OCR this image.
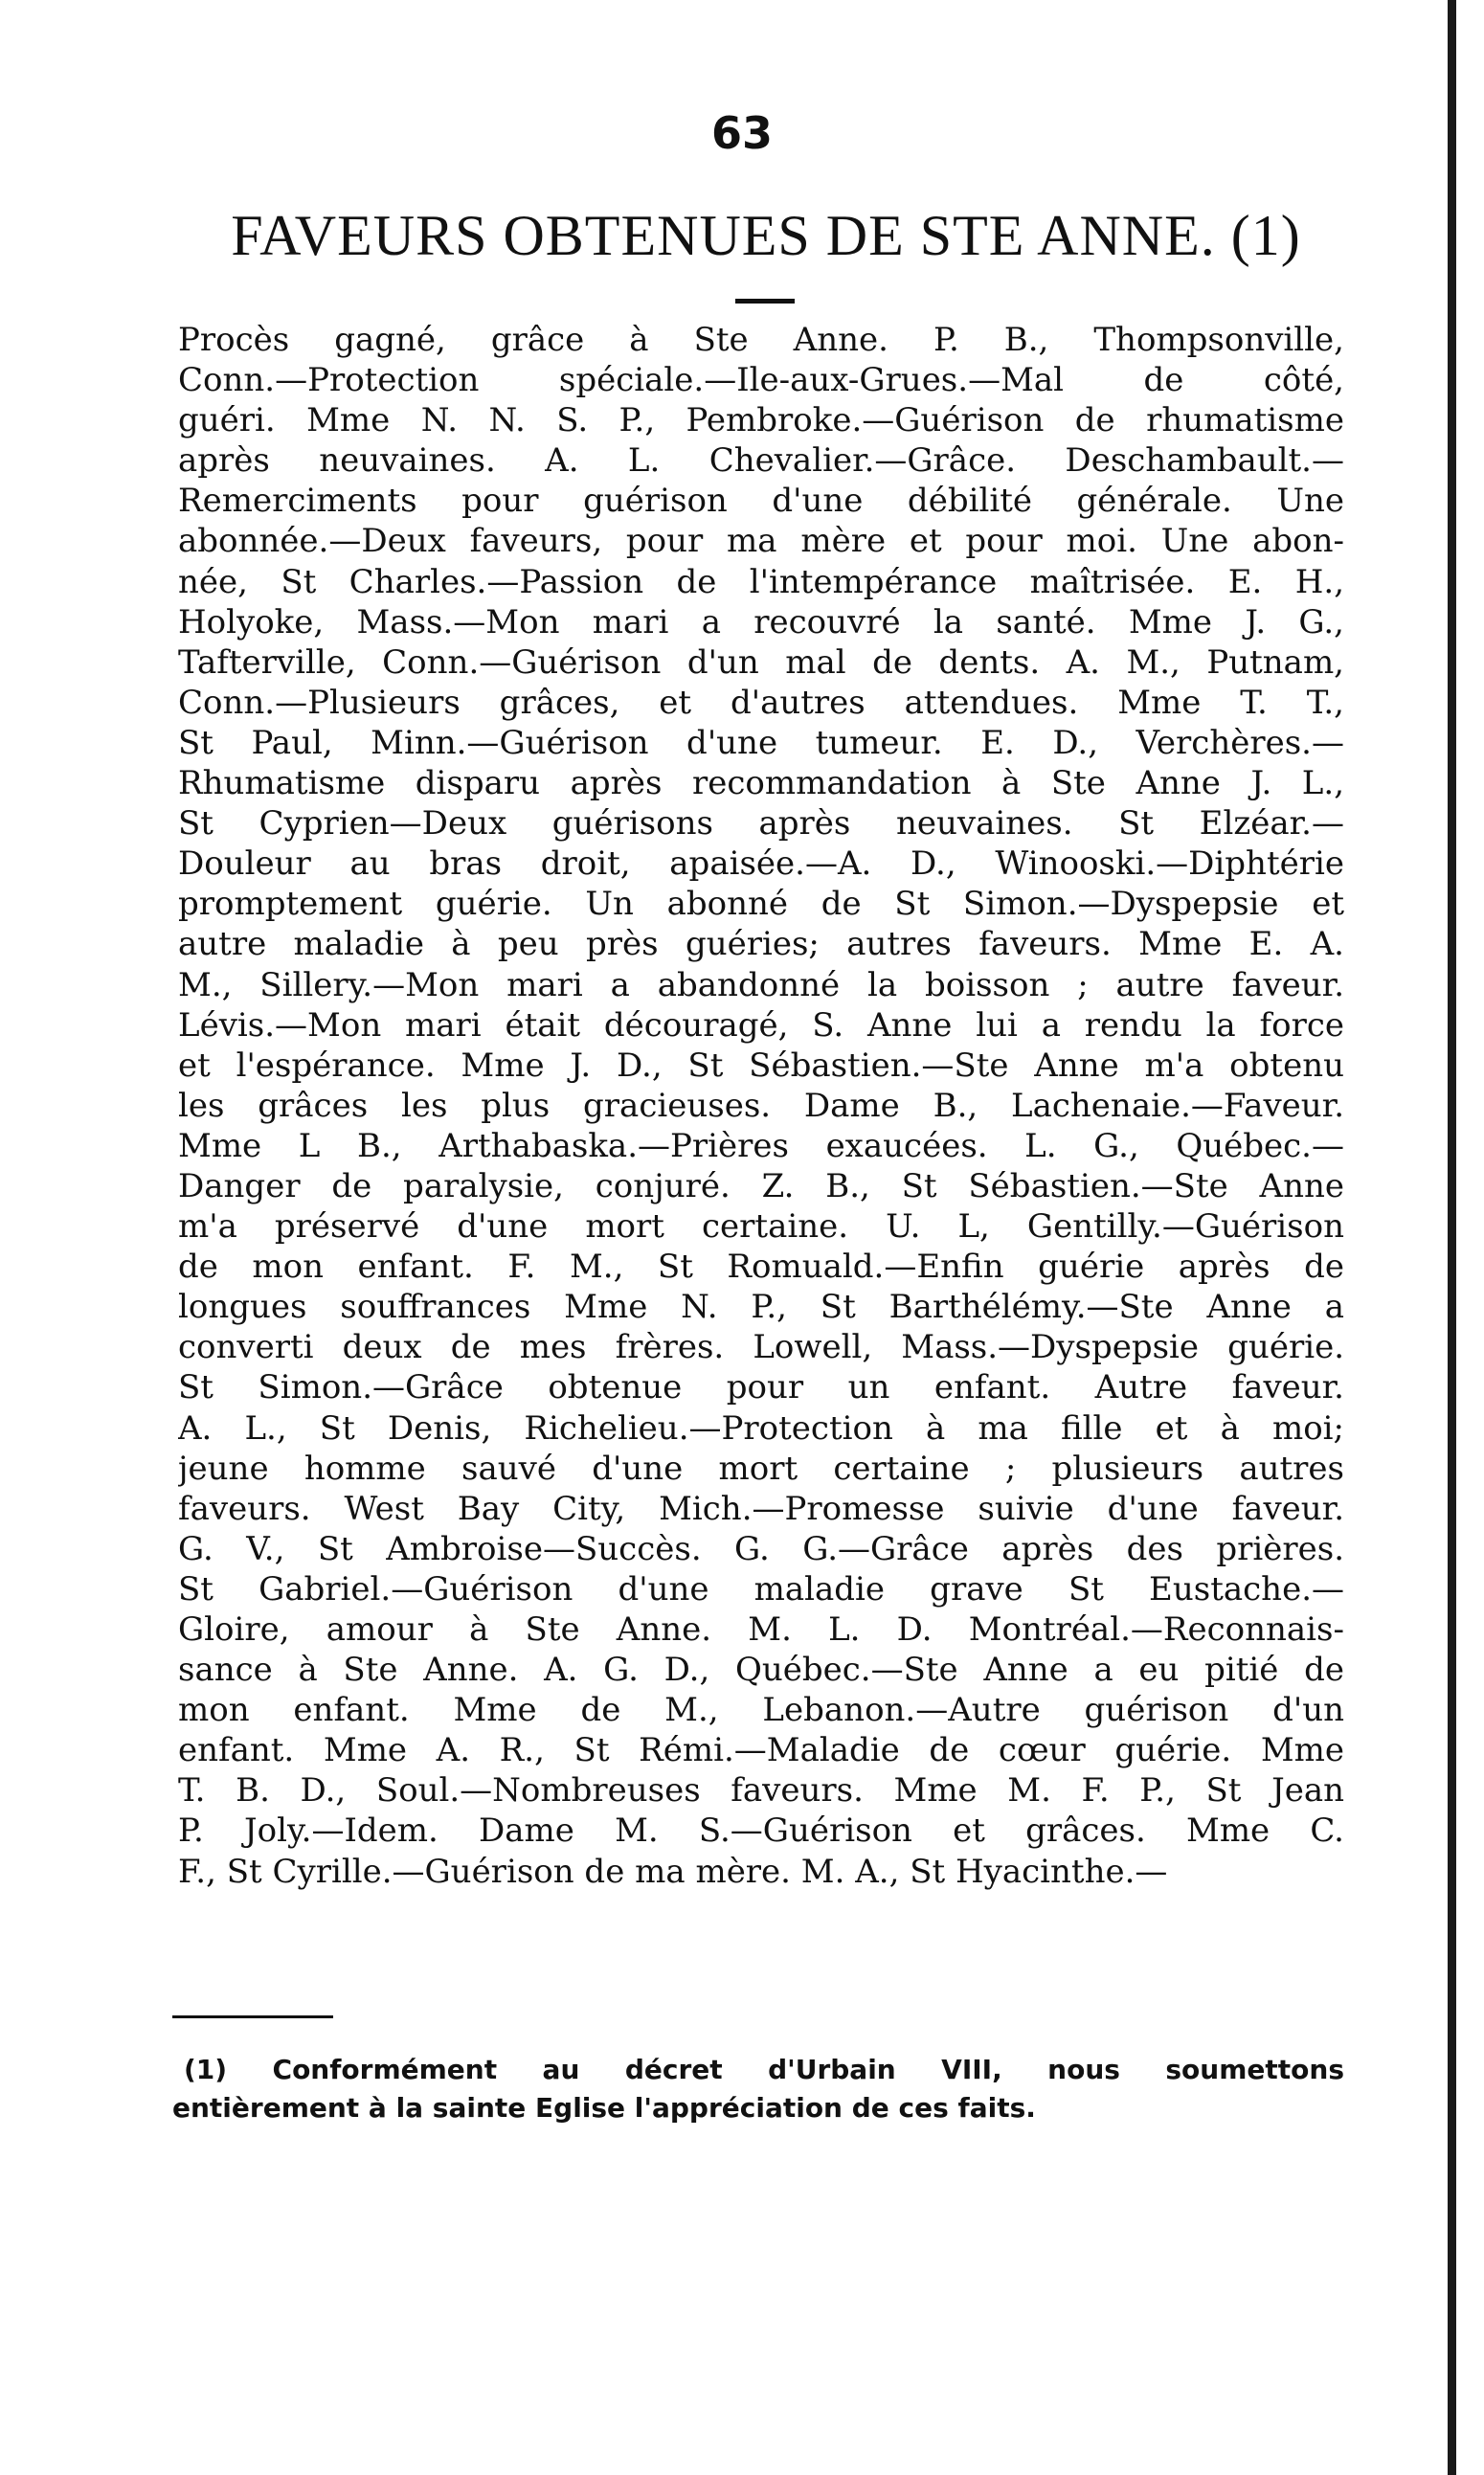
63
FAVEURS OBTENUES DE STE ANNE. (1)
Procès gagné, grâce à Ste Anne. P. B., Thompsonville,
Conn.—Protection spéciale.—Ile-aux-Grues.—Mal de côté,
guéri. Mme N. N. S. P., Pembroke.—Guérison de rhumatisme
après neuvaines. A. L. Chevalier.—Grâce. Deschambault.—
Remerciments pour guérison d'une débilité générale. Une
abonnée.—Deux faveurs, pour ma mère et pour moi. Une abon-
née, St Charles.—Passion de l'intempérance maîtrisée. E. H.,
Holyoke, Mass.—Mon mari a recouvré la santé. Mme J. G.,
Tafterville, Conn.—Guérison d'un mal de dents. A. M., Putnam,
Conn.—Plusieurs grâces, et d'autres attendues. Mme T. T.,
St Paul, Minn.—Guérison d'une tumeur. E. D., Verchères.—
Rhumatisme disparu après recommandation à Ste Anne J. L.,
St Cyprien—Deux guérisons après neuvaines. St Elzéar.—
Douleur au bras droit, apaisée.—A. D., Winooski.—Diphtérie
promptement guérie. Un abonné de St Simon.—Dyspepsie et
autre maladie à peu près guéries; autres faveurs. Mme E. A.
M., Sillery.—Mon mari a abandonné la boisson ; autre faveur.
Lévis.—Mon mari était découragé, S. Anne lui a rendu la force
et l'espérance. Mme J. D., St Sébastien.—Ste Anne m'a obtenu
les grâces les plus gracieuses. Dame B., Lachenaie.—Faveur.
Mme L B., Arthabaska.—Prières exaucées. L. G., Québec.—
Danger de paralysie, conjuré. Z. B., St Sébastien.—Ste Anne
m'a préservé d'une mort certaine. U. L, Gentilly.—Guérison
de mon enfant. F. M., St Romuald.—Enfin guérie après de
longues souffrances Mme N. P., St Barthélémy.—Ste Anne a
converti deux de mes frères. Lowell, Mass.—Dyspepsie guérie.
St Simon.—Grâce obtenue pour un enfant. Autre faveur.
A. L., St Denis, Richelieu.—Protection à ma fille et à moi;
jeune homme sauvé d'une mort certaine ; plusieurs autres
faveurs. West Bay City, Mich.—Promesse suivie d'une faveur.
G. V., St Ambroise—Succès. G. G.—Grâce après des prières.
St Gabriel.—Guérison d'une maladie grave St Eustache.—
Gloire, amour à Ste Anne. M. L. D. Montréal.—Reconnais-
sance à Ste Anne. A. G. D., Québec.—Ste Anne a eu pitié de
mon enfant. Mme de M., Lebanon.—Autre guérison d'un
enfant. Mme A. R., St Rémi.—Maladie de cœur guérie. Mme
T. B. D., Soul.—Nombreuses faveurs. Mme M. F. P., St Jean
P. Joly.—Idem. Dame M. S.—Guérison et grâces. Mme C.
F., St Cyrille.—Guérison de ma mère. M. A., St Hyacinthe.—
(1) Conformément au décret d'Urbain VIII, nous soumettons
entièrement à la sainte Eglise l'appréciation de ces faits.
